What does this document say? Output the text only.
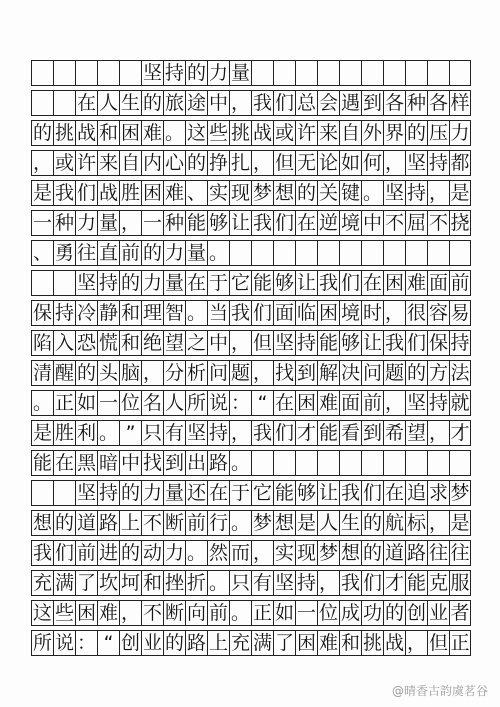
坚 持 的 力 量
在 人 生 的 旅 途 中 ， 我 们 总 会 遇 到 各 种 各 样
的 挑 战 和 困 难 。 这 些 挑 战 或 许 来 自 外 界 的 压 力
， 或 许 来 自 内 心 的 挣 扎 ， 但 无 论 如 何 ， 坚 持 都
是 我 们 战 胜 困 难 、 实 现 梦 想 的 关 键 。 坚 持 ， 是
一 种 力 量 ， 一 种 能 够 让 我 们 在 逆 境 中 不 屈 不 挠
、 勇 往 直 前 的 力 量 。
坚 持 的 力 量 在 于 它 能 够 让 我 们 在 困 难 面 前
保 持 冷 静 和 理 智 。 当 我 们 面 临 困 境 时 ， 很 容 易
陷 入 恐 慌 和 绝 望 之 中 ， 但 坚 持 能 够 让 我 们 保 持
清 醒 的 头 脑 ， 分 析 问 题 ， 找 到 解 决 问 题 的 方 法
。 正 如 一 位 名 人 所 说 ： “ 在 困 难 面 前 ， 坚 持 就
是 胜 利 。 ” 只 有 坚 持 ， 我 们 才 能 看 到 希 望 ， 才
能 在 黑 暗 中 找 到 出 路 。
坚 持 的 力 量 还 在 于 它 能 够 让 我 们 在 追 求 梦
想 的 道 路 上 不 断 前 行 。 梦 想 是 人 生 的 航 标 ， 是
我 们 前 进 的 动 力 。 然 而 ， 实 现 梦 想 的 道 路 往 往
充 满 了 坎 坷 和 挫 折 。 只 有 坚 持 ， 我 们 才 能 克 服
这 些 困 难 ， 不 断 向 前 。 正 如 一 位 成 功 的 创 业 者
所 说 ： “ 创 业 的 路 上 充 满 了 困 难 和 挑 战 ， 但 正
@晴香古韵虞茗谷
